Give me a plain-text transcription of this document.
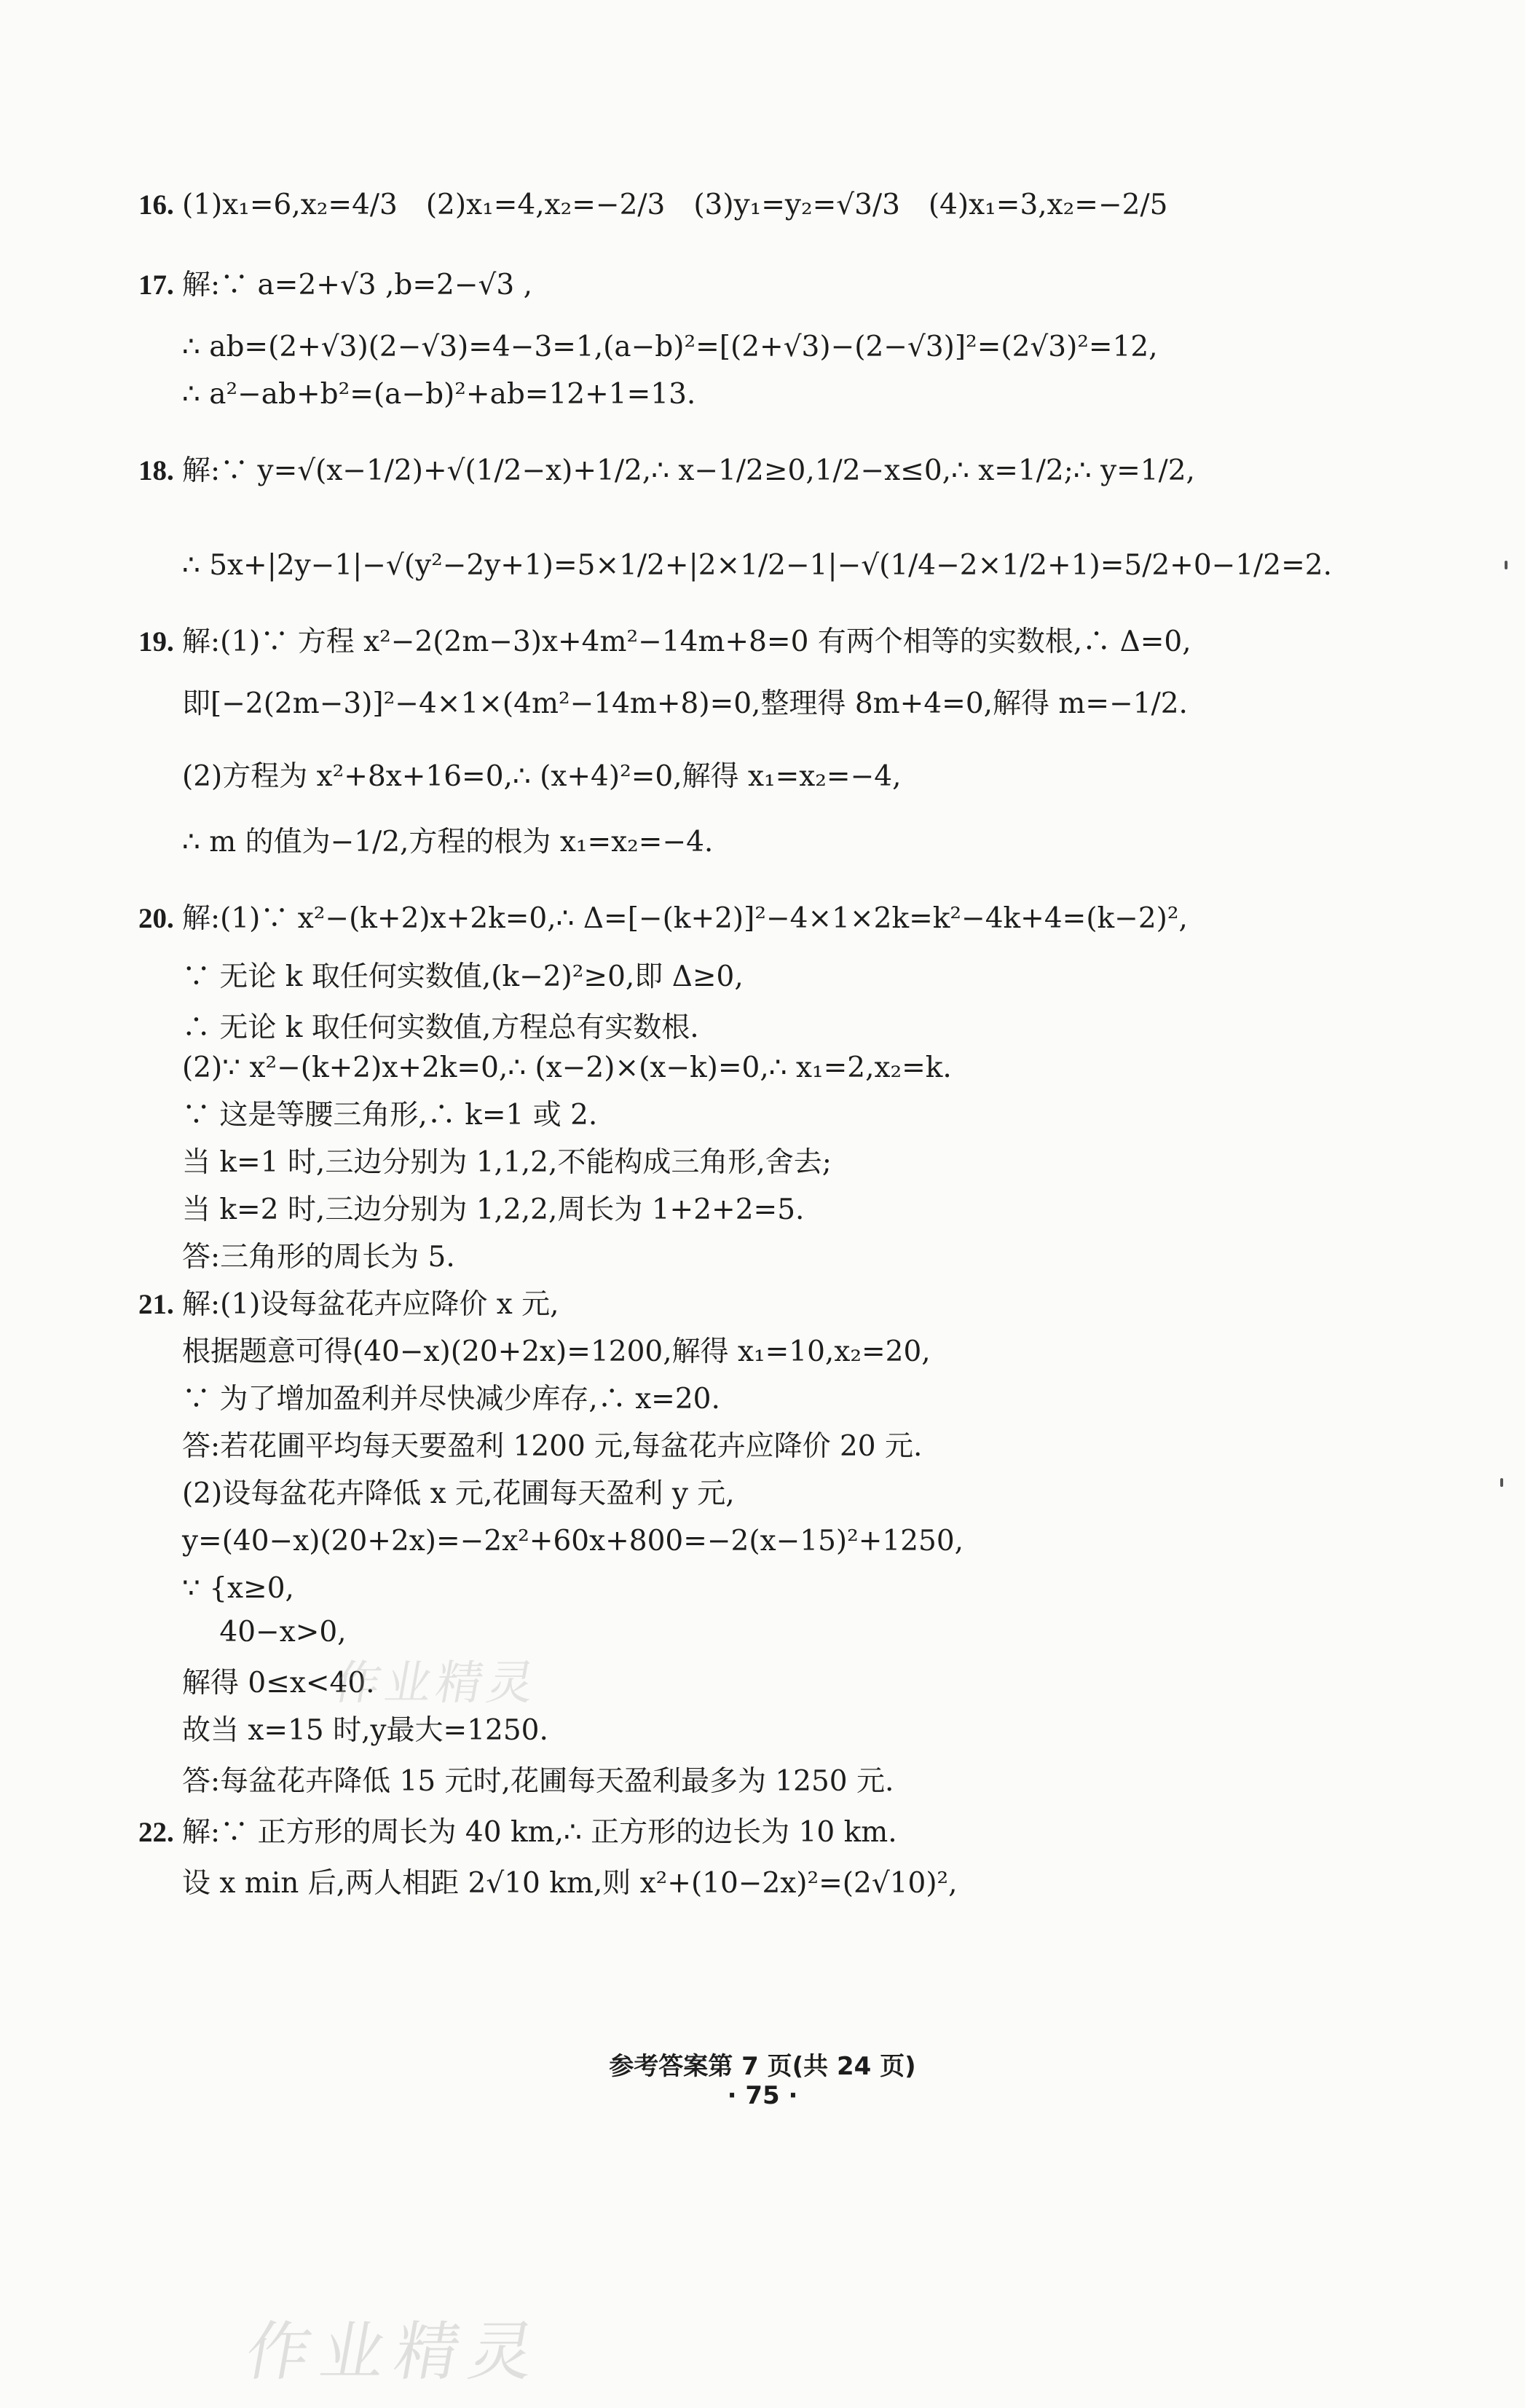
16. (1)x₁=6,x₂=4/3　(2)x₁=4,x₂=−2/3　(3)y₁=y₂=√3/3　(4)x₁=3,x₂=−2/5
17. 解:∵ a=2+√3 ,b=2−√3 ,
∴ ab=(2+√3)(2−√3)=4−3=1,(a−b)²=[(2+√3)−(2−√3)]²=(2√3)²=12,
∴ a²−ab+b²=(a−b)²+ab=12+1=13.
18. 解:∵ y=√(x−1/2)+√(1/2−x)+1/2,∴ x−1/2≥0,1/2−x≤0,∴ x=1/2;∴ y=1/2,
∴ 5x+|2y−1|−√(y²−2y+1)=5×1/2+|2×1/2−1|−√(1/4−2×1/2+1)=5/2+0−1/2=2.
19. 解:(1)∵ 方程 x²−2(2m−3)x+4m²−14m+8=0 有两个相等的实数根,∴ Δ=0,
即[−2(2m−3)]²−4×1×(4m²−14m+8)=0,整理得 8m+4=0,解得 m=−1/2.
(2)方程为 x²+8x+16=0,∴ (x+4)²=0,解得 x₁=x₂=−4,
∴ m 的值为−1/2,方程的根为 x₁=x₂=−4.
20. 解:(1)∵ x²−(k+2)x+2k=0,∴ Δ=[−(k+2)]²−4×1×2k=k²−4k+4=(k−2)²,
∵ 无论 k 取任何实数值,(k−2)²≥0,即 Δ≥0,
∴ 无论 k 取任何实数值,方程总有实数根.
(2)∵ x²−(k+2)x+2k=0,∴ (x−2)×(x−k)=0,∴ x₁=2,x₂=k.
∵ 这是等腰三角形,∴ k=1 或 2.
当 k=1 时,三边分别为 1,1,2,不能构成三角形,舍去;
当 k=2 时,三边分别为 1,2,2,周长为 1+2+2=5.
答:三角形的周长为 5.
21. 解:(1)设每盆花卉应降价 x 元,
根据题意可得(40−x)(20+2x)=1200,解得 x₁=10,x₂=20,
∵ 为了增加盈利并尽快减少库存,∴ x=20.
答:若花圃平均每天要盈利 1200 元,每盆花卉应降价 20 元.
(2)设每盆花卉降低 x 元,花圃每天盈利 y 元,
y=(40−x)(20+2x)=−2x²+60x+800=−2(x−15)²+1250,
∵ {x≥0,
　 40−x>0,
解得 0≤x<40.
故当 x=15 时,y最大=1250.
答:每盆花卉降低 15 元时,花圃每天盈利最多为 1250 元.
22. 解:∵ 正方形的周长为 40 km,∴ 正方形的边长为 10 km.
设 x min 后,两人相距 2√10 km,则 x²+(10−2x)²=(2√10)²,
参考答案第 7 页(共 24 页)
· 75 ·
作业精灵
作业精灵
